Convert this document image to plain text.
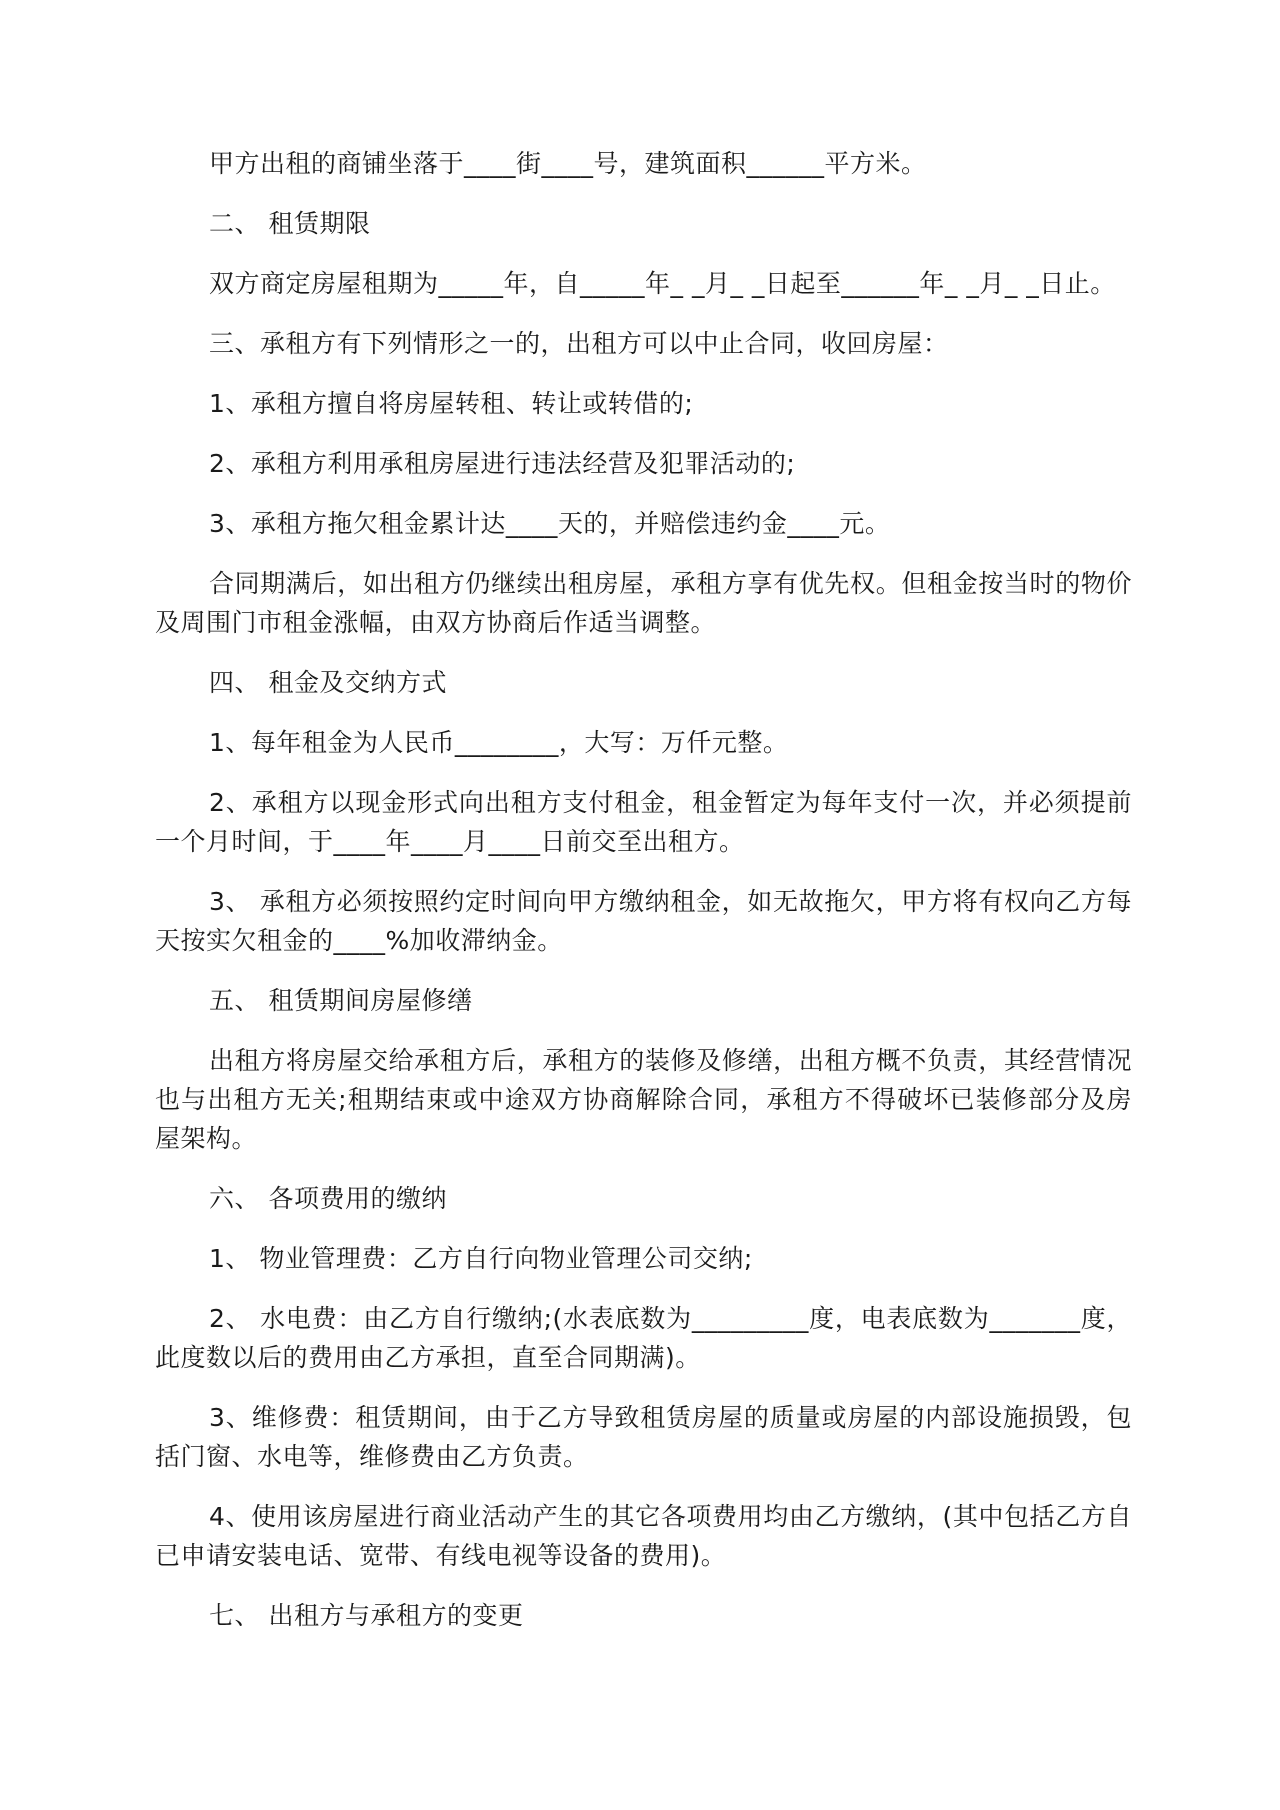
甲方出租的商铺坐落于____街____号，建筑面积______平方米。

二、 租赁期限

双方商定房屋租期为_____年，自_____年_ _月_ _日起至______年_ _月_ _日止。

三、承租方有下列情形之一的，出租方可以中止合同，收回房屋：

1、承租方擅自将房屋转租、转让或转借的;

2、承租方利用承租房屋进行违法经营及犯罪活动的;

3、承租方拖欠租金累计达____天的，并赔偿违约金____元。

合同期满后，如出租方仍继续出租房屋，承租方享有优先权。但租金按当时的物价及周围门市租金涨幅，由双方协商后作适当调整。

四、 租金及交纳方式

1、每年租金为人民币________，大写：万仟元整。

2、承租方以现金形式向出租方支付租金，租金暂定为每年支付一次，并必须提前一个月时间，于____年____月____日前交至出租方。

3、 承租方必须按照约定时间向甲方缴纳租金，如无故拖欠，甲方将有权向乙方每天按实欠租金的____%加收滞纳金。

五、 租赁期间房屋修缮

出租方将房屋交给承租方后，承租方的装修及修缮，出租方概不负责，其经营情况也与出租方无关;租期结束或中途双方协商解除合同，承租方不得破坏已装修部分及房屋架构。

六、 各项费用的缴纳

1、 物业管理费：乙方自行向物业管理公司交纳;

2、 水电费：由乙方自行缴纳;(水表底数为_________度，电表底数为_______度，此度数以后的费用由乙方承担，直至合同期满)。

3、维修费：租赁期间，由于乙方导致租赁房屋的质量或房屋的内部设施损毁，包括门窗、水电等，维修费由乙方负责。

4、使用该房屋进行商业活动产生的其它各项费用均由乙方缴纳，(其中包括乙方自已申请安装电话、宽带、有线电视等设备的费用)。

七、 出租方与承租方的变更
